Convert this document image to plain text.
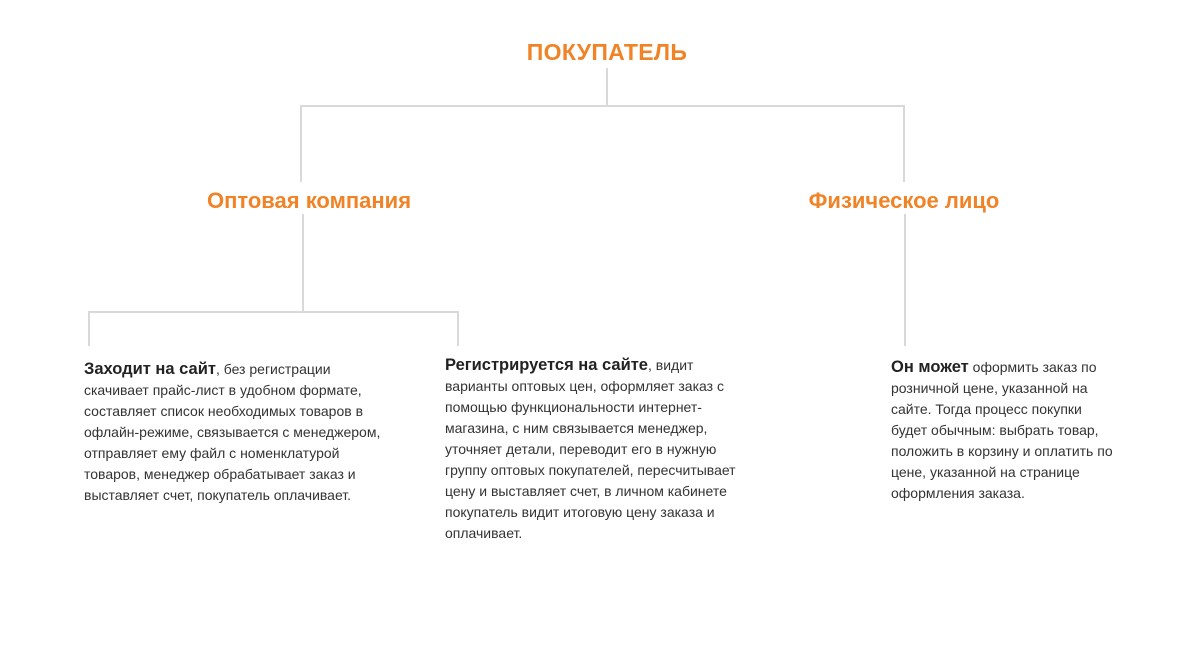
ПОКУПАТЕЛЬ
Оптовая компания	Физическое лицо
Заходит на сайт, без регистрации скачивает прайс-лист в удобном формате, составляет список необходимых товаров в офлайн-режиме, связывается с менеджером, отправляет ему файл с номенклатурой товаров, менеджер обрабатывает заказ и выставляет счет, покупатель оплачивает.
Регистрируется на сайте, видит варианты оптовых цен, оформляет заказ с помощью функциональности интернет-магазина, с ним связывается менеджер, уточняет детали, переводит его в нужную группу оптовых покупателей, пересчитывает цену и выставляет счет, в личном кабинете покупатель видит итоговую цену заказа и оплачивает.
Он может оформить заказ по розничной цене, указанной на сайте. Тогда процесс покупки будет обычным: выбрать товар, положить в корзину и оплатить по цене, указанной на странице оформления заказа.
